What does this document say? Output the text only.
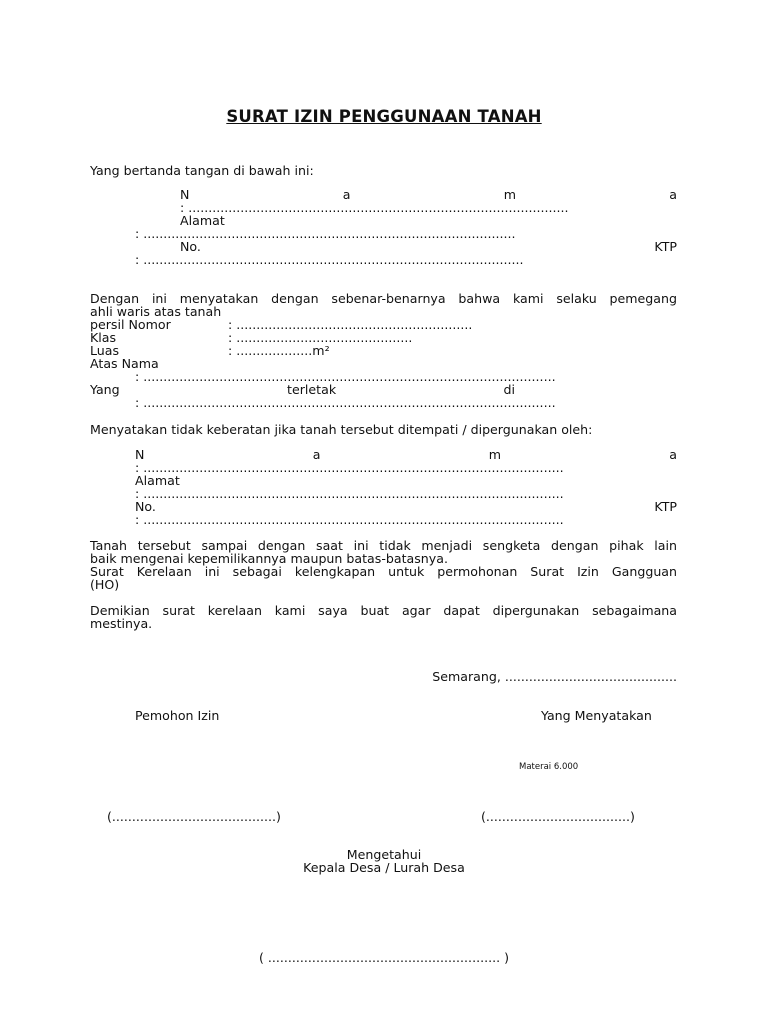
SURAT IZIN PENGGUNAAN TANAH
Yang bertanda tangan di bawah ini:
N	a	m	a
: ...............................................................................................
Alamat
: .............................................................................................
No.	KTP
: ...............................................................................................
Dengan ini menyatakan dengan sebenar-benarnya bahwa kami selaku pemegang
ahli waris atas tanah
persil Nomor	: ...........................................................
Klas	: ............................................
Luas	: ...................m²
Atas Nama
: .......................................................................................................
Yang	terletak	di
: .......................................................................................................
Menyatakan tidak keberatan jika tanah tersebut ditempati / dipergunakan oleh:
N	a	m	a
: .........................................................................................................
Alamat
: .........................................................................................................
No.	KTP
: .........................................................................................................
Tanah tersebut sampai dengan saat ini tidak menjadi sengketa dengan pihak lain
baik mengenai kepemilikannya maupun batas-batasnya.
Surat Kerelaan ini sebagai kelengkapan untuk permohonan Surat Izin Gangguan
(HO)
Demikian surat kerelaan kami saya buat agar dapat dipergunakan sebagaimana
mestinya.
Semarang, ...........................................
Pemohon Izin	Yang Menyatakan
Materai 6.000
(.........................................)	(....................................)
Mengetahui
Kepala Desa / Lurah Desa
( .......................................................... )
